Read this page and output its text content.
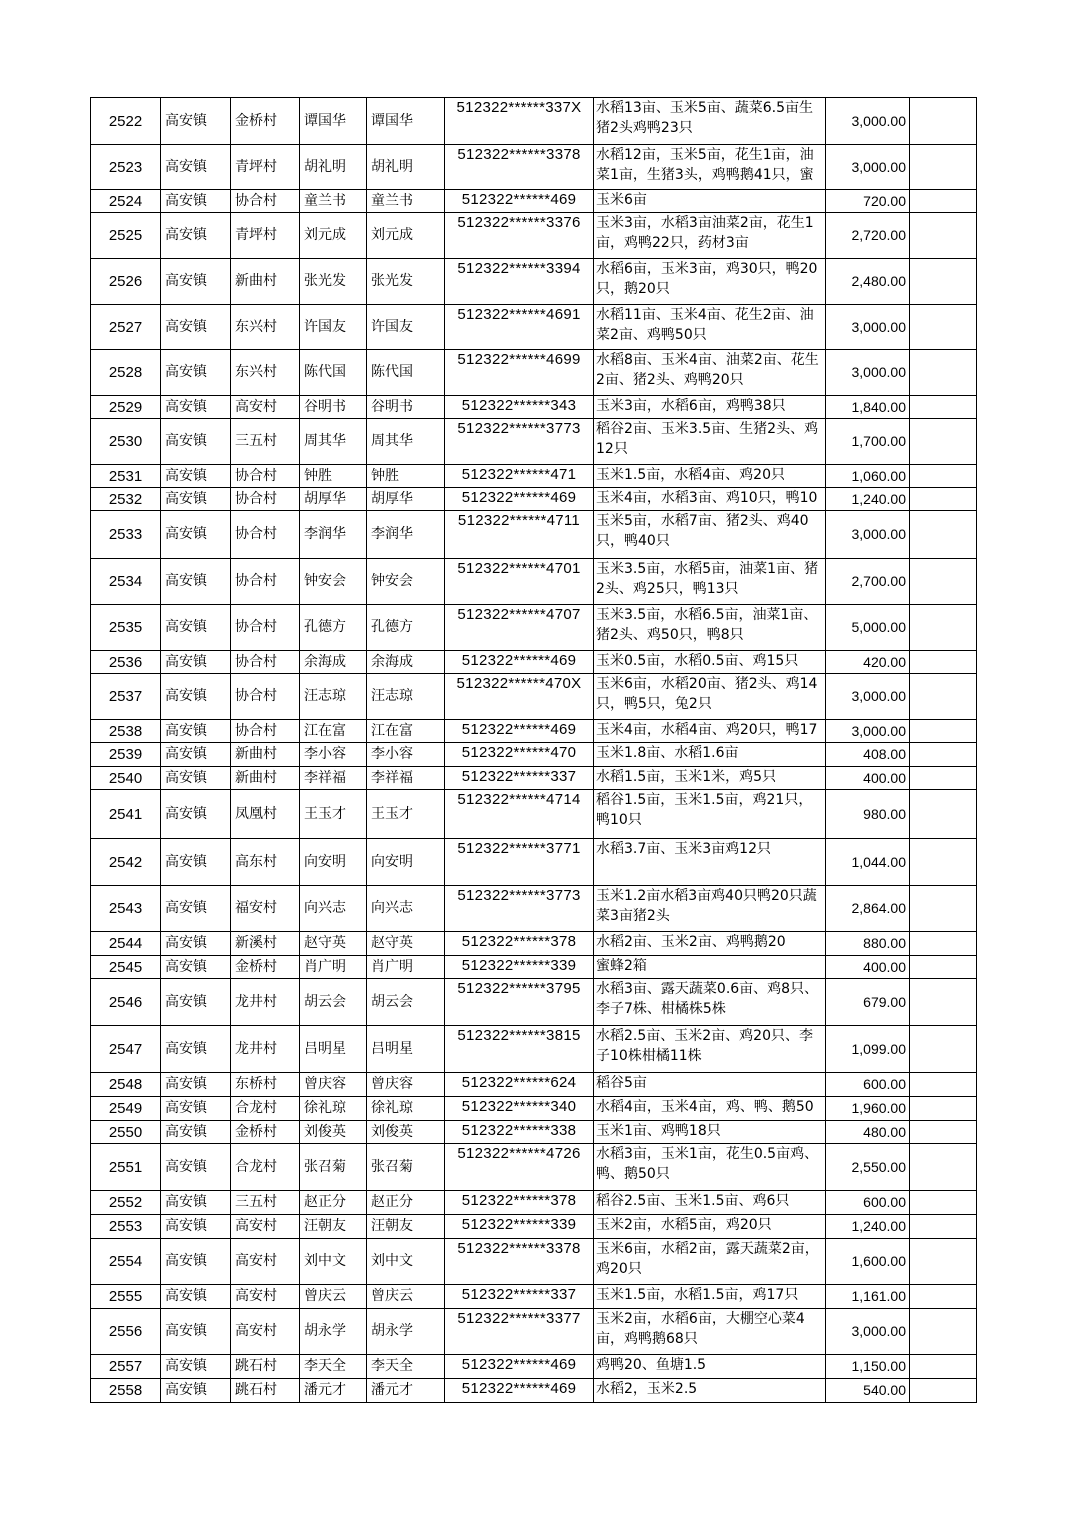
2522	高安镇	金桥村	谭国华	谭国华	512322******337X	水稻13亩、玉米5亩、蔬菜6.5亩生猪2头鸡鸭23只	3,000.00	
2523	高安镇	青坪村	胡礼明	胡礼明	512322******3378	水稻12亩，玉米5亩，花生1亩，油菜1亩，生猪3头，鸡鸭鹅41只，蜜	3,000.00	
2524	高安镇	协合村	童兰书	童兰书	512322******469	玉米6亩	720.00	
2525	高安镇	青坪村	刘元成	刘元成	512322******3376	玉米3亩，水稻3亩油菜2亩，花生1亩，鸡鸭22只，药材3亩	2,720.00	
2526	高安镇	新曲村	张光发	张光发	512322******3394	水稻6亩，玉米3亩，鸡30只，鸭20只，鹅20只	2,480.00	
2527	高安镇	东兴村	许国友	许国友	512322******4691	水稻11亩、玉米4亩、花生2亩、油菜2亩、鸡鸭50只	3,000.00	
2528	高安镇	东兴村	陈代国	陈代国	512322******4699	水稻8亩、玉米4亩、油菜2亩、花生2亩、猪2头、鸡鸭20只	3,000.00	
2529	高安镇	高安村	谷明书	谷明书	512322******343	玉米3亩，水稻6亩，鸡鸭38只	1,840.00	
2530	高安镇	三五村	周其华	周其华	512322******3773	稻谷2亩、玉米3.5亩、生猪2头、鸡12只	1,700.00	
2531	高安镇	协合村	钟胜	钟胜	512322******471	玉米1.5亩，水稻4亩、鸡20只	1,060.00	
2532	高安镇	协合村	胡厚华	胡厚华	512322******469	玉米4亩，水稻3亩、鸡10只，鸭10	1,240.00	
2533	高安镇	协合村	李润华	李润华	512322******4711	玉米5亩，水稻7亩、猪2头、鸡40只，鸭40只	3,000.00	
2534	高安镇	协合村	钟安会	钟安会	512322******4701	玉米3.5亩，水稻5亩，油菜1亩、猪2头、鸡25只，鸭13只	2,700.00	
2535	高安镇	协合村	孔德方	孔德方	512322******4707	玉米3.5亩，水稻6.5亩，油菜1亩、猪2头、鸡50只，鸭8只	5,000.00	
2536	高安镇	协合村	余海成	余海成	512322******469	玉米0.5亩，水稻0.5亩、鸡15只	420.00	
2537	高安镇	协合村	汪志琼	汪志琼	512322******470X	玉米6亩，水稻20亩、猪2头、鸡14只，鸭5只，兔2只	3,000.00	
2538	高安镇	协合村	江在富	江在富	512322******469	玉米4亩，水稻4亩、鸡20只，鸭17	3,000.00	
2539	高安镇	新曲村	李小容	李小容	512322******470	玉米1.8亩、水稻1.6亩	408.00	
2540	高安镇	新曲村	李祥福	李祥福	512322******337	水稻1.5亩，玉米1米，鸡5只	400.00	
2541	高安镇	凤凰村	王玉才	王玉才	512322******4714	稻谷1.5亩，玉米1.5亩，鸡21只，鸭10只	980.00	
2542	高安镇	高东村	向安明	向安明	512322******3771	水稻3.7亩、玉米3亩鸡12只	1,044.00	
2543	高安镇	福安村	向兴志	向兴志	512322******3773	玉米1.2亩水稻3亩鸡40只鸭20只蔬菜3亩猪2头	2,864.00	
2544	高安镇	新溪村	赵守英	赵守英	512322******378	水稻2亩、玉米2亩、鸡鸭鹅20	880.00	
2545	高安镇	金桥村	肖广明	肖广明	512322******339	蜜蜂2箱	400.00	
2546	高安镇	龙井村	胡云会	胡云会	512322******3795	水稻3亩、露天蔬菜0.6亩、鸡8只、李子7株、柑橘株5株	679.00	
2547	高安镇	龙井村	吕明星	吕明星	512322******3815	水稻2.5亩、玉米2亩、鸡20只、李子10株柑橘11株	1,099.00	
2548	高安镇	东桥村	曾庆容	曾庆容	512322******624	稻谷5亩	600.00	
2549	高安镇	合龙村	徐礼琼	徐礼琼	512322******340	水稻4亩，玉米4亩，鸡、鸭、鹅50	1,960.00	
2550	高安镇	金桥村	刘俊英	刘俊英	512322******338	玉米1亩、鸡鸭18只	480.00	
2551	高安镇	合龙村	张召菊	张召菊	512322******4726	水稻3亩，玉米1亩，花生0.5亩鸡、鸭、鹅50只	2,550.00	
2552	高安镇	三五村	赵正分	赵正分	512322******378	稻谷2.5亩、玉米1.5亩、鸡6只	600.00	
2553	高安镇	高安村	汪朝友	汪朝友	512322******339	玉米2亩，水稻5亩，鸡20只	1,240.00	
2554	高安镇	高安村	刘中文	刘中文	512322******3378	玉米6亩，水稻2亩，露天蔬菜2亩，鸡20只	1,600.00	
2555	高安镇	高安村	曾庆云	曾庆云	512322******337	玉米1.5亩，水稻1.5亩，鸡17只	1,161.00	
2556	高安镇	高安村	胡永学	胡永学	512322******3377	玉米2亩，水稻6亩，大棚空心菜4亩，鸡鸭鹅68只	3,000.00	
2557	高安镇	跳石村	李天全	李天全	512322******469	鸡鸭20、鱼塘1.5	1,150.00	
2558	高安镇	跳石村	潘元才	潘元才	512322******469	水稻2，玉米2.5	540.00	
